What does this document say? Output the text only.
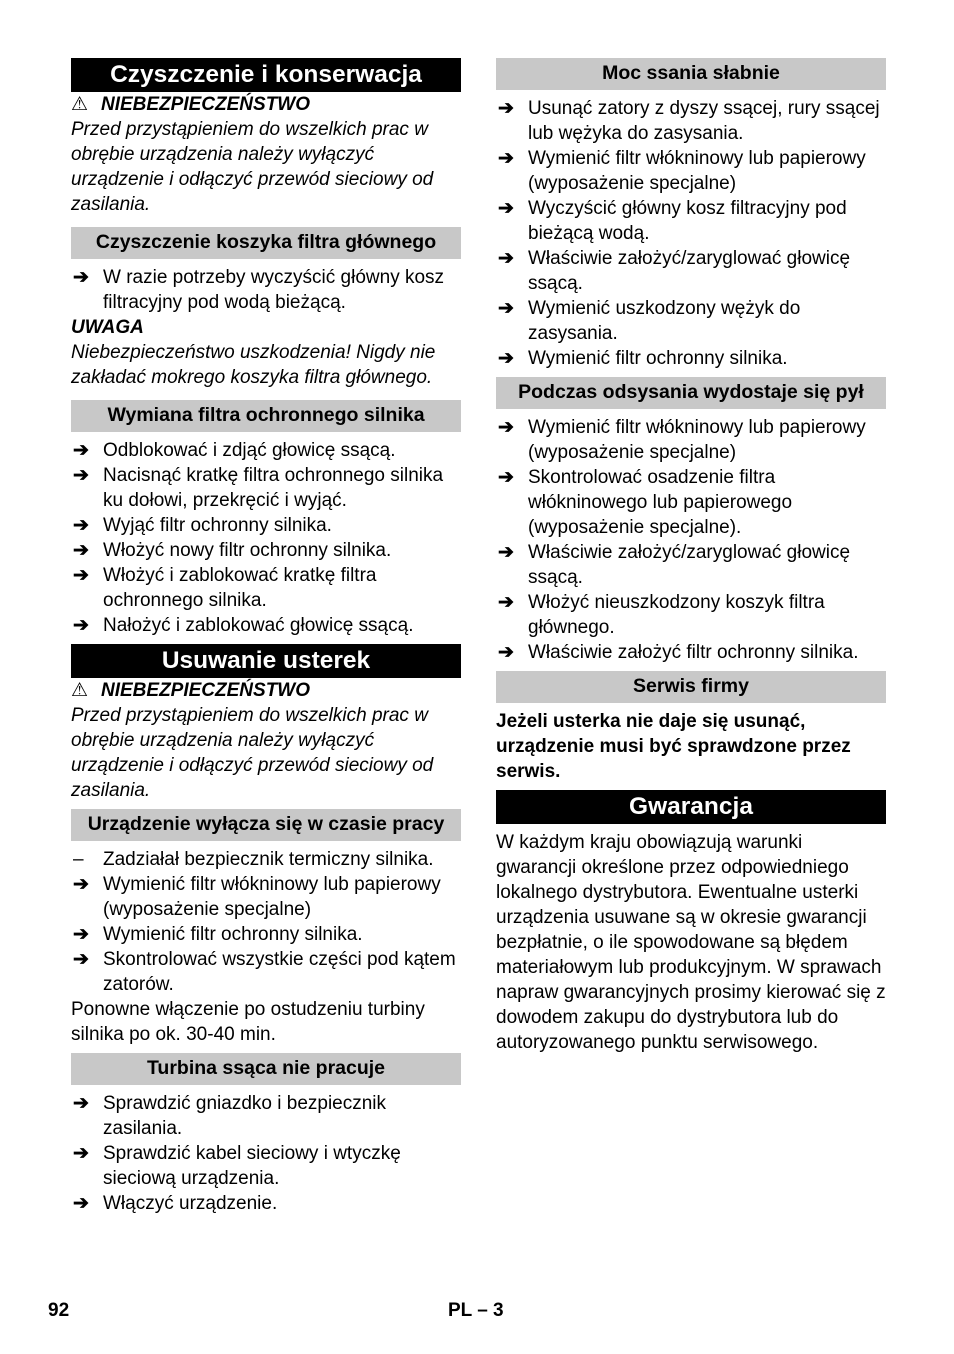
Czyszczenie i konserwacja
⚠ NIEBEZPIECZEŃSTWO

Przed przystąpieniem do wszelkich prac w obrębie urządzenia należy wyłączyć urządzenie i odłączyć przewód sieciowy od zasilania.

Czyszczenie koszyka filtra głównego
➔ W razie potrzeby wyczyścić główny kosz filtracyjny pod wodą bieżącą.
UWAGA

Niebezpieczeństwo uszkodzenia! Nigdy nie zakładać mokrego koszyka filtra głównego.

Wymiana filtra ochronnego silnika
➔ Odblokować i zdjąć głowicę ssącą.
➔ Nacisnąć kratkę filtra ochronnego silnika ku dołowi, przekręcić i wyjąć.
➔ Wyjąć filtr ochronny silnika.
➔ Włożyć nowy filtr ochronny silnika.
➔ Włożyć i zablokować kratkę filtra ochronnego silnika.
➔ Nałożyć i zablokować głowicę ssącą.
Usuwanie usterek
⚠ NIEBEZPIECZEŃSTWO

Przed przystąpieniem do wszelkich prac w obrębie urządzenia należy wyłączyć urządzenie i odłączyć przewód sieciowy od zasilania.

Urządzenie wyłącza się w czasie pracy
–	Zadziałał bezpiecznik termiczny silnika.
➔ Wymienić filtr włókninowy lub papierowy (wyposażenie specjalne)
➔ Wymienić filtr ochronny silnika.
➔ Skontrolować wszystkie części pod kątem zatorów.

Ponowne włączenie po ostudzeniu turbiny silnika po ok. 30-40 min.

Turbina ssąca nie pracuje
➔ Sprawdzić gniazdko i bezpiecznik zasilania.
➔ Sprawdzić kabel sieciowy i wtyczkę sieciową urządzenia.
➔ Włączyć urządzenie.
Moc ssania słabnie
➔ Usunąć zatory z dyszy ssącej, rury ssącej lub wężyka do zasysania.
➔ Wymienić filtr włókninowy lub papierowy (wyposażenie specjalne)
➔ Wyczyścić główny kosz filtracyjny pod bieżącą wodą.
➔ Właściwie założyć/zaryglować głowicę ssącą.
➔ Wymienić uszkodzony wężyk do zasysania.
➔ Wymienić filtr ochronny silnika.
Podczas odsysania wydostaje się pył
➔ Wymienić filtr włókninowy lub papierowy (wyposażenie specjalne)
➔ Skontrolować osadzenie filtra włókninowego lub papierowego (wyposażenie specjalne).
➔ Właściwie założyć/zaryglować głowicę ssącą.
➔ Włożyć nieuszkodzony koszyk filtra głównego.
➔ Właściwie założyć filtr ochronny silnika.
Serwis firmy

Jeżeli usterka nie daje się usunąć, urządzenie musi być sprawdzone przez serwis.

Gwarancja

W każdym kraju obowiązują warunki gwarancji określone przez odpowiedniego lokalnego dystrybutora. Ewentualne usterki urządzenia usuwane są w okresie gwarancji bezpłatnie, o ile spowodowane są błędem materiałowym lub produkcyjnym. W sprawach napraw gwarancyjnych prosimy kierować się z dowodem zakupu do dystrybutora lub do autoryzowanego punktu serwisowego.

92	PL – 3
